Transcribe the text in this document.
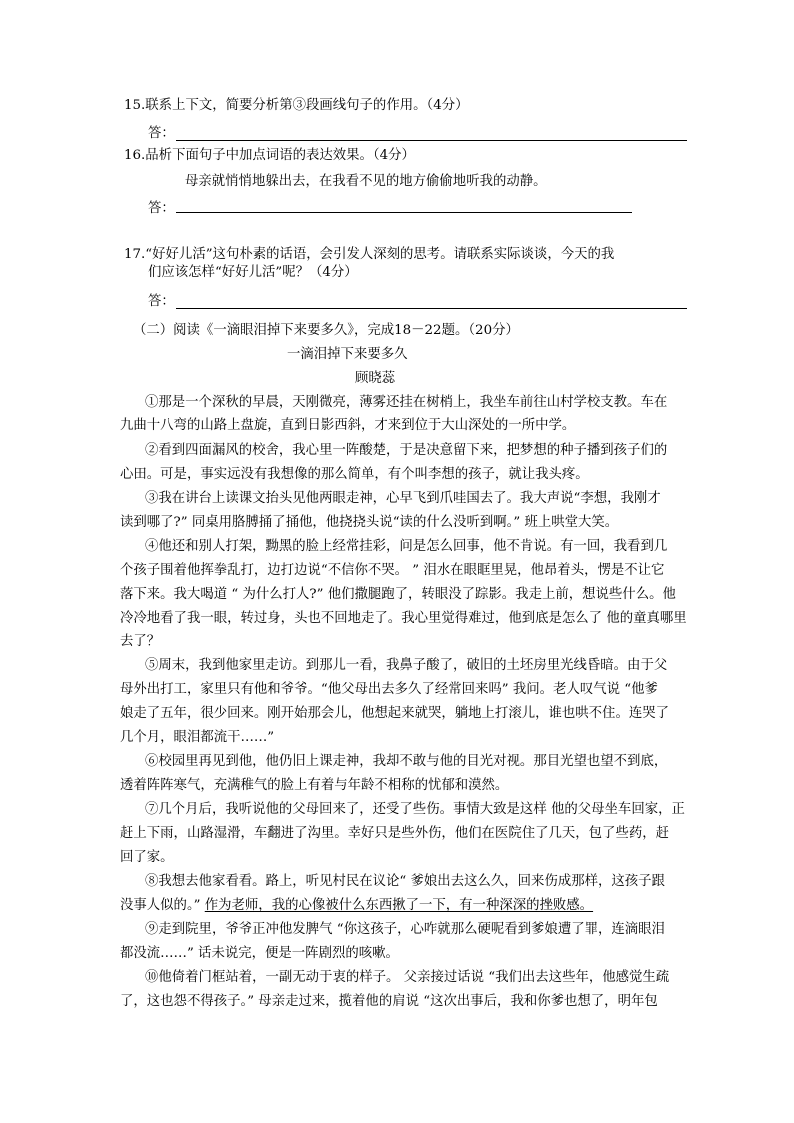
15.联系上下文，简要分析第③段画线句子的作用。（4分）
答：
16.品析下面句子中加点词语的表达效果。（4分）
母亲就悄悄地躲出去，在我看不见的地方偷偷地听我的动静。
答：
17.“好好儿活”这句朴素的话语，会引发人深刻的思考。请联系实际谈谈，今天的我
们应该怎样“好好儿活”呢？（4分）
答：
（二）阅读《一滴眼泪掉下来要多久》，完成18－22题。（20分）
一滴泪掉下来要多久
顾晓蕊
①那是一个深秋的早晨，天刚微亮，薄雾还挂在树梢上，我坐车前往山村学校支教。车在
九曲十八弯的山路上盘旋，直到日影西斜，才来到位于大山深处的一所中学。
②看到四面漏风的校舍，我心里一阵酸楚，于是决意留下来，把梦想的种子播到孩子们的
心田。可是，事实远没有我想像的那么简单，有个叫李想的孩子，就让我头疼。
③我在讲台上读课文抬头见他两眼走神，心早飞到爪哇国去了。我大声说“李想，我刚才
读到哪了?” 同桌用胳膊捅了捅他，他挠挠头说“读的什么没听到啊。” 班上哄堂大笑。
④他还和别人打架，黝黑的脸上经常挂彩，问是怎么回事，他不肯说。有一回，我看到几
个孩子围着他挥拳乱打，边打边说“不信你不哭。 ” 泪水在眼眶里晃，他昂着头，愣是不让它
落下来。我大喝道 “ 为什么打人?” 他们撒腿跑了，转眼没了踪影。我走上前，想说些什么。他
冷冷地看了我一眼，转过身，头也不回地走了。我心里觉得难过，他到底是怎么了 他的童真哪里
去了？
⑤周末，我到他家里走访。到那儿一看，我鼻子酸了，破旧的土坯房里光线昏暗。由于父
母外出打工，家里只有他和爷爷。“他父母出去多久了经常回来吗” 我问。老人叹气说 “他爹
娘走了五年，很少回来。刚开始那会儿，他想起来就哭，躺地上打滚儿，谁也哄不住。连哭了
几个月，眼泪都流干……”
⑥校园里再见到他，他仍旧上课走神，我却不敢与他的目光对视。那目光望也望不到底，
透着阵阵寒气，充满稚气的脸上有着与年龄不相称的忧郁和漠然。
⑦几个月后，我听说他的父母回来了，还受了些伤。事情大致是这样 他的父母坐车回家，正
赶上下雨，山路湿滑，车翻进了沟里。幸好只是些外伤，他们在医院住了几天，包了些药，赶
回了家。
⑧我想去他家看看。路上，听见村民在议论“ 爹娘出去这么久，回来伤成那样，这孩子跟
没事人似的。” 作为老师，我的心像被什么东西揪了一下，有一种深深的挫败感。
⑨走到院里，爷爷正冲他发脾气 “你这孩子，心咋就那么硬呢看到爹娘遭了罪，连滴眼泪
都没流……” 话未说完，便是一阵剧烈的咳嗽。
⑩他倚着门框站着，一副无动于衷的样子。 父亲接过话说 “我们出去这些年，他感觉生疏
了，这也怨不得孩子。” 母亲走过来，揽着他的肩说 “这次出事后，我和你爹也想了，明年包
